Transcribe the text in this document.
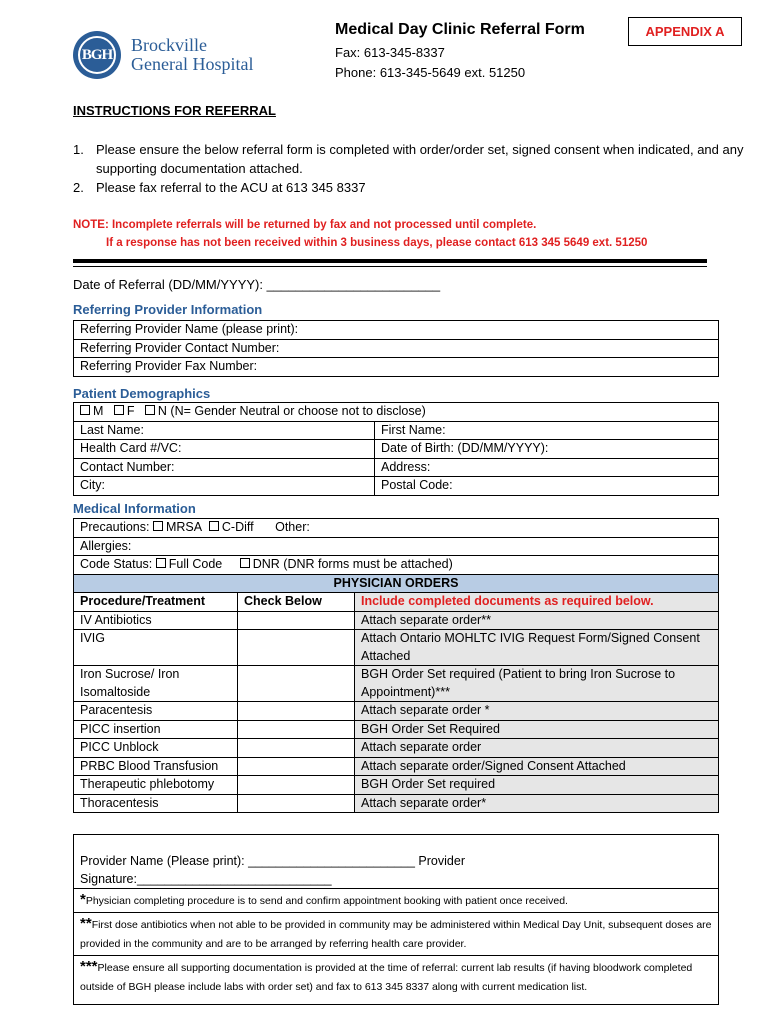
BGH Brockville
General Hospital
Medical Day Clinic Referral Form
Fax: 613-345-8337
Phone: 613-345-5649 ext. 51250
APPENDIX A
INSTRUCTIONS FOR REFERRAL
1. Please ensure the below referral form is completed with order/order set, signed consent when indicated, and any supporting documentation attached.
2. Please fax referral to the ACU at 613 345 8337
NOTE: Incomplete referrals will be returned by fax and not processed until complete.
If a response has not been received within 3 business days, please contact 613 345 5649 ext. 51250
Date of Referral (DD/MM/YYYY): ________________________
Referring Provider Information
Referring Provider Name (please print):
Referring Provider Contact Number:
Referring Provider Fax Number:
Patient Demographics
M F N (N= Gender Neutral or choose not to disclose)	
Last Name:	First Name:
Health Card #/VC:	Date of Birth: (DD/MM/YYYY):
Contact Number:	Address:
City:	Postal Code:
Medical Information
Precautions: MRSA C-Diff Other:		
Allergies:		
Code Status: Full Code DNR (DNR forms must be attached)		
PHYSICIAN ORDERS		
Procedure/Treatment	Check Below	Include completed documents as required below.
IV Antibiotics		Attach separate order**
IVIG		Attach Ontario MOHLTC IVIG Request Form/Signed Consent Attached
Iron Sucrose/ Iron Isomaltoside		BGH Order Set required (Patient to bring Iron Sucrose to Appointment)***
Paracentesis		Attach separate order *
PICC insertion		BGH Order Set Required
PICC Unblock		Attach separate order
PRBC Blood Transfusion		Attach separate order/Signed Consent Attached
Therapeutic phlebotomy		BGH Order Set required
Thoracentesis		Attach separate order*
Provider Name (Please print): ________________________ Provider Signature:____________________________
*Physician completing procedure is to send and confirm appointment booking with patient once received.
**First dose antibiotics when not able to be provided in community may be administered within Medical Day Unit, subsequent doses are provided in the community and are to be arranged by referring health care provider.
***Please ensure all supporting documentation is provided at the time of referral: current lab results (if having bloodwork completed outside of BGH please include labs with order set) and fax to 613 345 8337 along with current medication list.
